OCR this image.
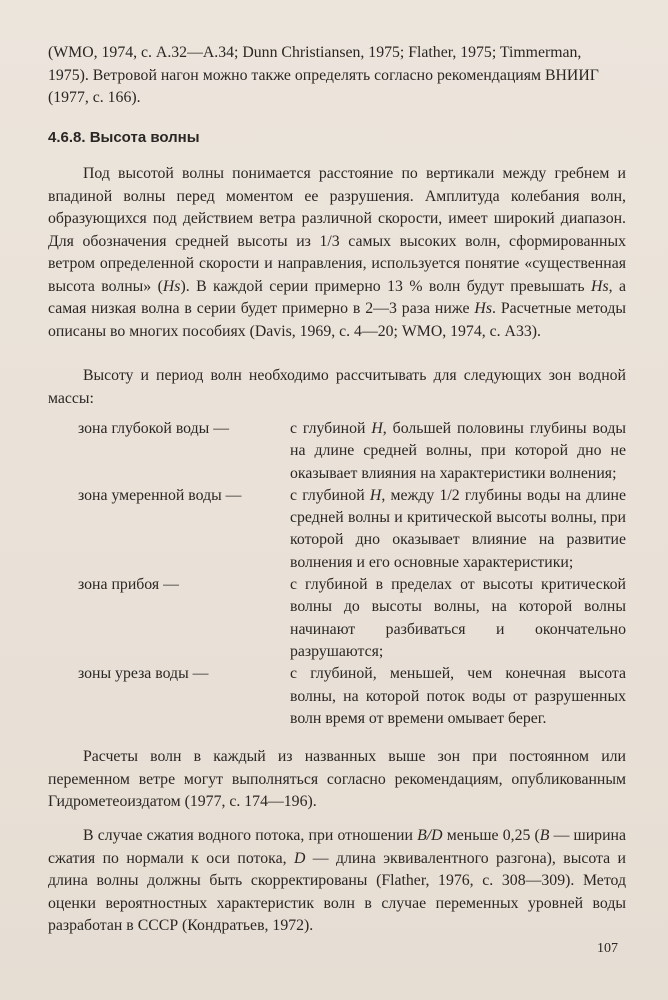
(WMO, 1974, с. А.32—А.34; Dunn Christiansen, 1975; Flather, 1975; Timmerman, 1975). Ветровой нагон можно также определять согласно рекомендациям ВНИИГ (1977, с. 166).
4.6.8. Высота волны
Под высотой волны понимается расстояние по вертикали между гребнем и впадиной волны перед моментом ее разрушения. Амплитуда колебания волн, образующихся под действием ветра различной скорости, имеет широкий диапазон. Для обозначения средней высоты из 1/3 самых высоких волн, сформированных ветром определенной скорости и направления, используется понятие «существенная высота волны» (Hs). В каждой серии примерно 13 % волн будут превышать Hs, а самая низкая волна в серии будет примерно в 2—3 раза ниже Hs. Расчетные методы описаны во многих пособиях (Davis, 1969, с. 4—20; WMO, 1974, с. А33).
Высоту и период волн необходимо рассчитывать для следующих зон водной массы:
зона глубокой воды —	с глубиной H, большей половины глубины воды на длине средней волны, при которой дно не оказывает влияния на характеристики волнения;
зона умеренной воды —	с глубиной H, между 1/2 глубины воды на длине средней волны и критической высоты волны, при которой дно оказывает влияние на развитие волнения и его основные характеристики;
зона прибоя —	с глубиной в пределах от высоты критической волны до высоты волны, на которой волны начинают разбиваться и окончательно разрушаются;
зоны уреза воды —	с глубиной, меньшей, чем конечная высота волны, на которой поток воды от разрушенных волн время от времени омывает берег.
Расчеты волн в каждый из названных выше зон при постоянном или переменном ветре могут выполняться согласно рекомендациям, опубликованным Гидрометеоиздатом (1977, с. 174—196).
В случае сжатия водного потока, при отношении B/D меньше 0,25 (B — ширина сжатия по нормали к оси потока, D — длина эквивалентного разгона), высота и длина волны должны быть скорректированы (Flather, 1976, с. 308—309). Метод оценки вероятностных характеристик волн в случае переменных уровней воды разработан в СССР (Кондратьев, 1972).
107
